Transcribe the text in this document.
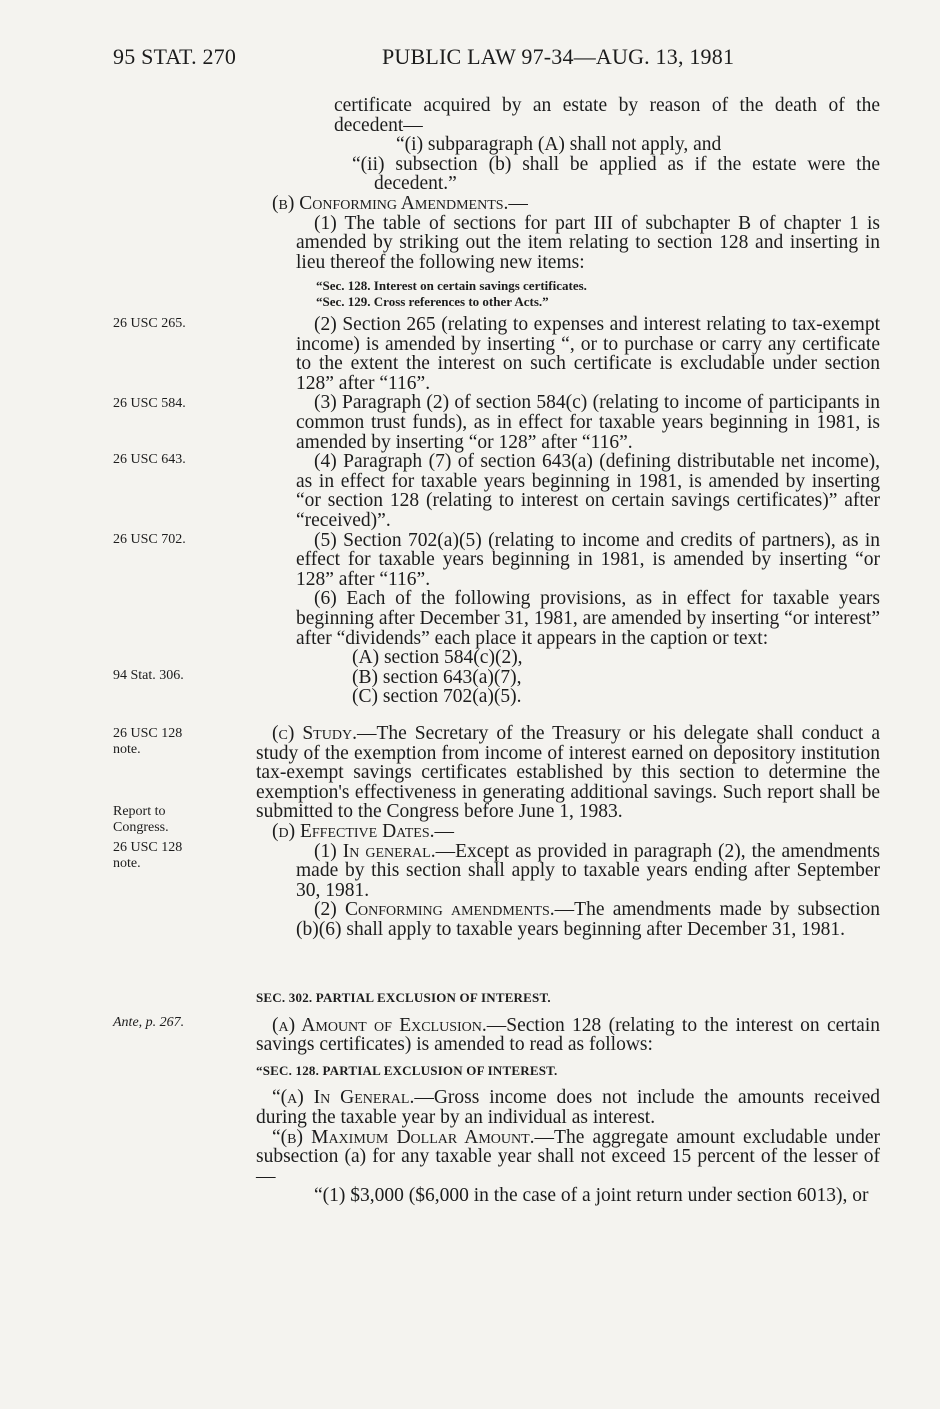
95 STAT. 270	PUBLIC LAW 97-34—AUG. 13, 1981
26 USC 265.
26 USC 584.
26 USC 643.
26 USC 702.
94 Stat. 306.
26 USC 128 note.
Report to Congress.
26 USC 128 note.
Ante, p. 267.

certificate acquired by an estate by reason of the death of the decedent—

“(i) subparagraph (A) shall not apply, and

“(ii) subsection (b) shall be applied as if the estate were the decedent.”

(b) Conforming Amendments.—

(1) The table of sections for part III of subchapter B of chapter 1 is amended by striking out the item relating to section 128 and inserting in lieu thereof the following new items:

“Sec. 128. Interest on certain savings certificates.

“Sec. 129. Cross references to other Acts.”

(2) Section 265 (relating to expenses and interest relating to tax-exempt income) is amended by inserting “, or to purchase or carry any certificate to the extent the interest on such certificate is excludable under section 128” after “116”.

(3) Paragraph (2) of section 584(c) (relating to income of participants in common trust funds), as in effect for taxable years beginning in 1981, is amended by inserting “or 128” after “116”.

(4) Paragraph (7) of section 643(a) (defining distributable net income), as in effect for taxable years beginning in 1981, is amended by inserting “or section 128 (relating to interest on certain savings certificates)” after “received)”.

(5) Section 702(a)(5) (relating to income and credits of partners), as in effect for taxable years beginning in 1981, is amended by inserting “or 128” after “116”.

(6) Each of the following provisions, as in effect for taxable years beginning after December 31, 1981, are amended by inserting “or interest” after “dividends” each place it appears in the caption or text:

(A) section 584(c)(2),

(B) section 643(a)(7),

(C) section 702(a)(5).

(c) Study.—The Secretary of the Treasury or his delegate shall conduct a study of the exemption from income of interest earned on depository institution tax-exempt savings certificates established by this section to determine the exemption's effectiveness in generating additional savings. Such report shall be submitted to the Congress before June 1, 1983.

(d) Effective Dates.—

(1) In general.—Except as provided in paragraph (2), the amendments made by this section shall apply to taxable years ending after September 30, 1981.

(2) Conforming amendments.—The amendments made by subsection (b)(6) shall apply to taxable years beginning after December 31, 1981.

SEC. 302. PARTIAL EXCLUSION OF INTEREST.

(a) Amount of Exclusion.—Section 128 (relating to the interest on certain savings certificates) is amended to read as follows:

“SEC. 128. PARTIAL EXCLUSION OF INTEREST.

“(a) In General.—Gross income does not include the amounts received during the taxable year by an individual as interest.

“(b) Maximum Dollar Amount.—The aggregate amount excludable under subsection (a) for any taxable year shall not exceed 15 percent of the lesser of—

“(1) $3,000 ($6,000 in the case of a joint return under section 6013), or
